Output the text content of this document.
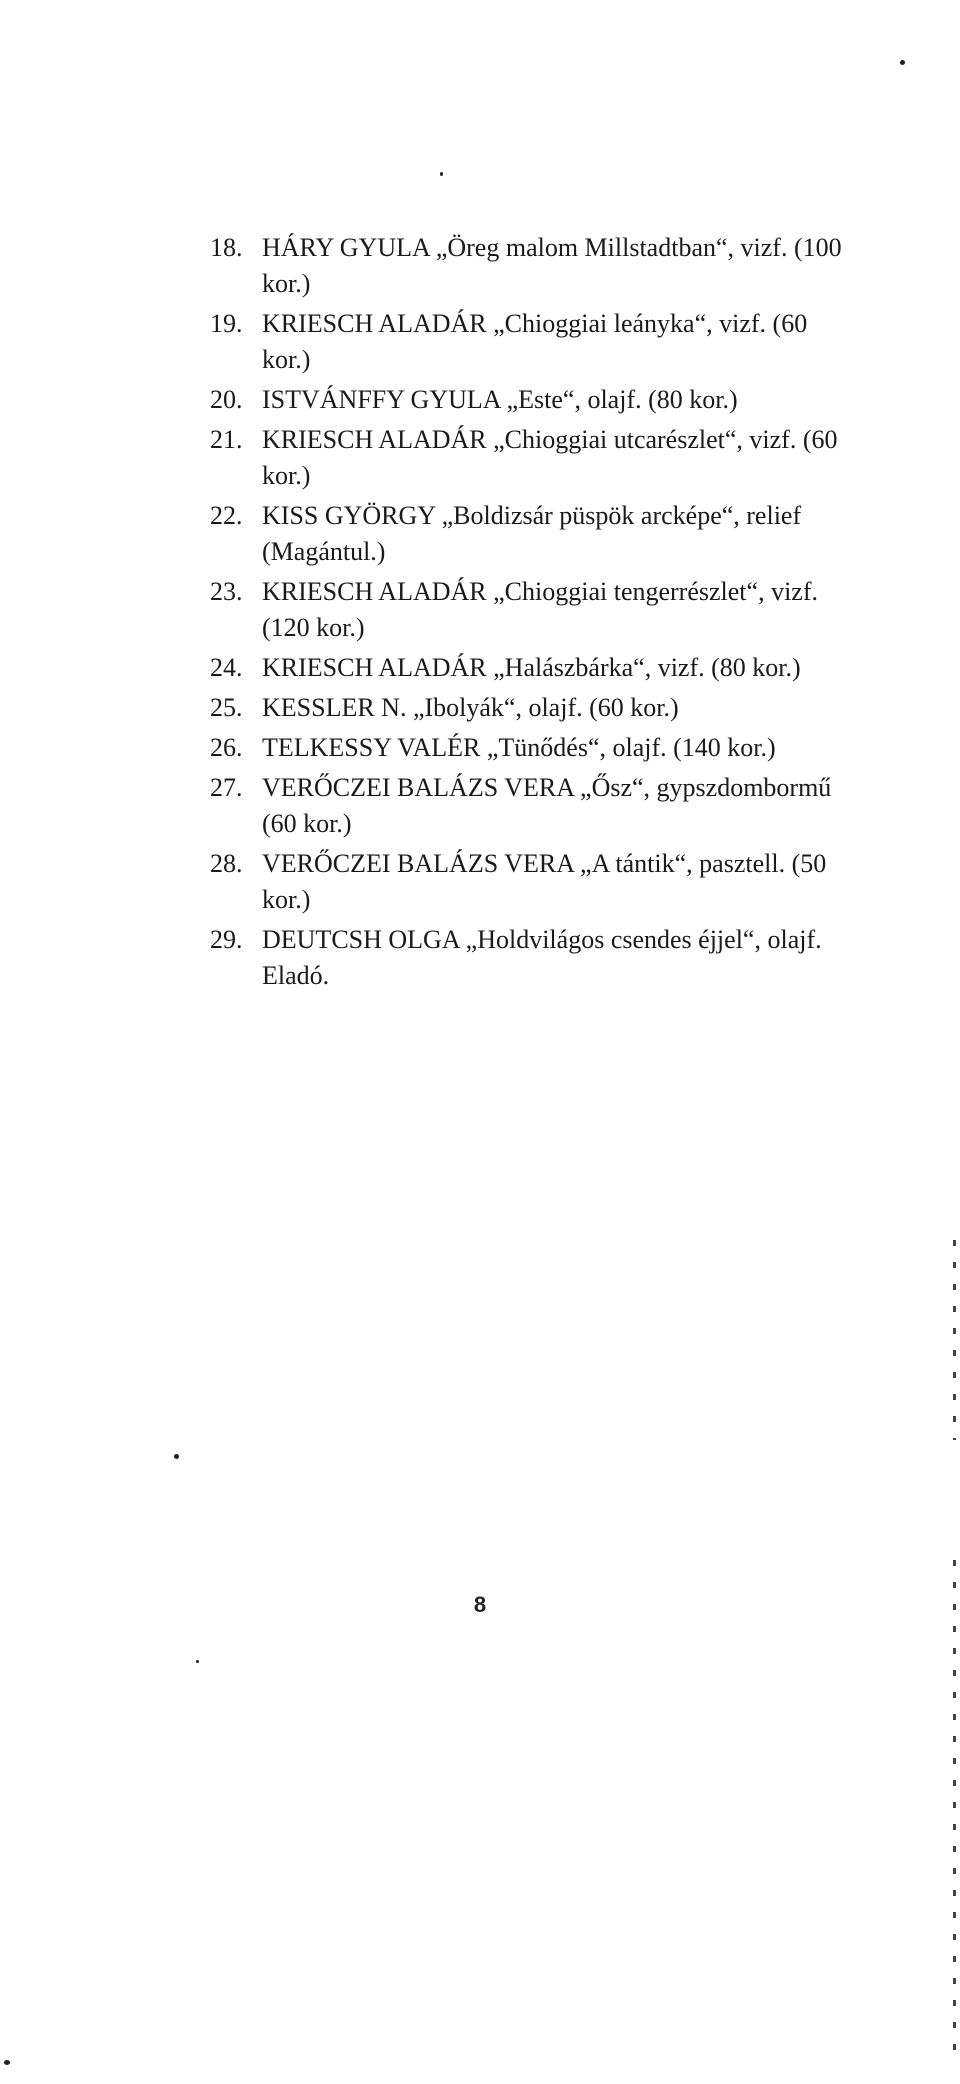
18. HÁRY GYULA „Öreg malom Millstadtban“, vizf. (100 kor.)
19. KRIESCH ALADÁR „Chioggiai leányka“, vizf. (60 kor.)
20. ISTVÁNFFY GYULA „Este“, olajf. (80 kor.)
21. KRIESCH ALADÁR „Chioggiai utcarészlet“, vizf. (60 kor.)
22. KISS GYÖRGY „Boldizsár püspök arcképe“, relief (Magántul.)
23. KRIESCH ALADÁR „Chioggiai tengerrészlet“, vizf. (120 kor.)
24. KRIESCH ALADÁR „Halászbárka“, vizf. (80 kor.)
25. KESSLER N. „Ibolyák“, olajf. (60 kor.)
26. TELKESSY VALÉR „Tünődés“, olajf. (140 kor.)
27. VERŐCZEI BALÁZS VERA „Ősz“, gypszdombormű (60 kor.)
28. VERŐCZEI BALÁZS VERA „A tántik“, pasztell. (50 kor.)
29. DEUTCSH OLGA „Holdvilágos csendes éjjel“, olajf. Eladó.
8
